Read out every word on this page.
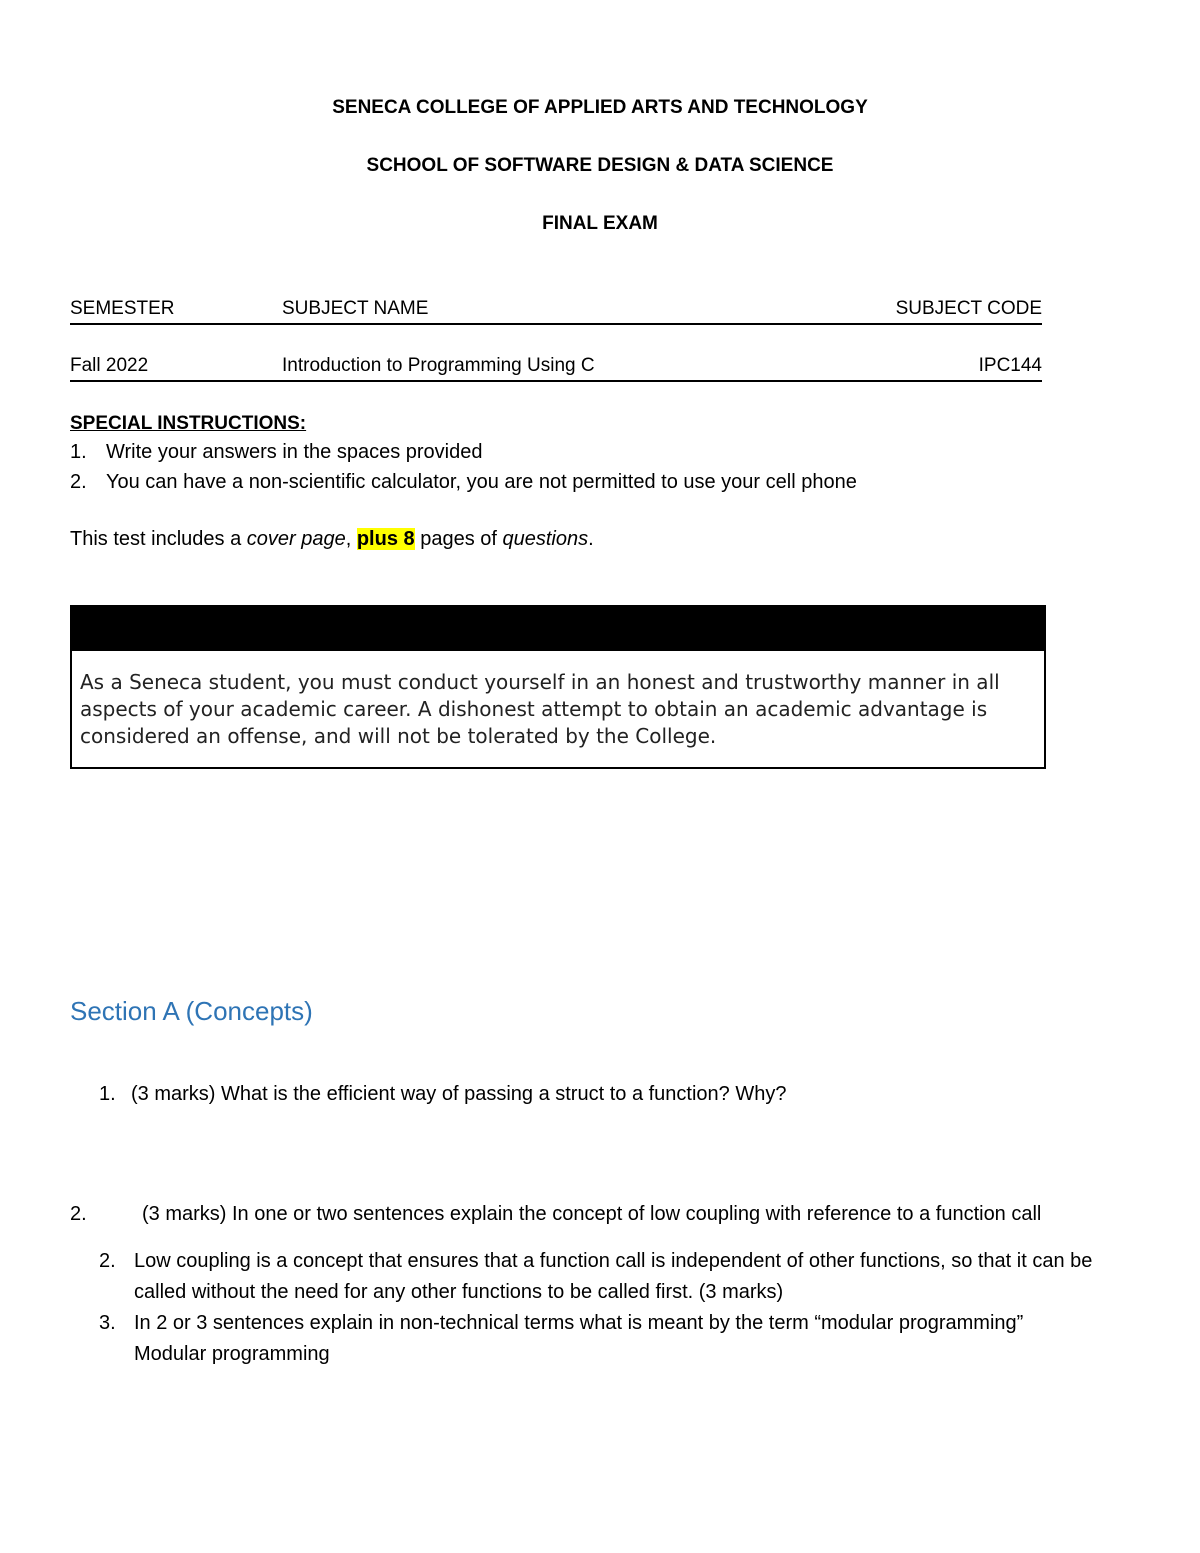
SENECA COLLEGE OF APPLIED ARTS AND TECHNOLOGY
SCHOOL OF SOFTWARE DESIGN & DATA SCIENCE
FINAL EXAM
SEMESTER	SUBJECT NAME	SUBJECT CODE
Fall 2022	Introduction to Programming Using C	IPC144
SPECIAL INSTRUCTIONS:
1. Write your answers in the spaces provided
2. You can have a non-scientific calculator, you are not permitted to use your cell phone
This test includes a cover page, plus 8 pages of questions.
As a Seneca student, you must conduct yourself in an honest and trustworthy manner in all aspects of your academic career. A dishonest attempt to obtain an academic advantage is considered an offense, and will not be tolerated by the College.
Section A (Concepts)
1. (3 marks) What is the efficient way of passing a struct to a function? Why?
2.	(3 marks) In one or two sentences explain the concept of low coupling with reference to a function call
2. Low coupling is a concept that ensures that a function call is independent of other functions, so that it can be called without the need for any other functions to be called first. (3 marks)
3. In 2 or 3 sentences explain in non-technical terms what is meant by the term “modular programming”
Modular programming
